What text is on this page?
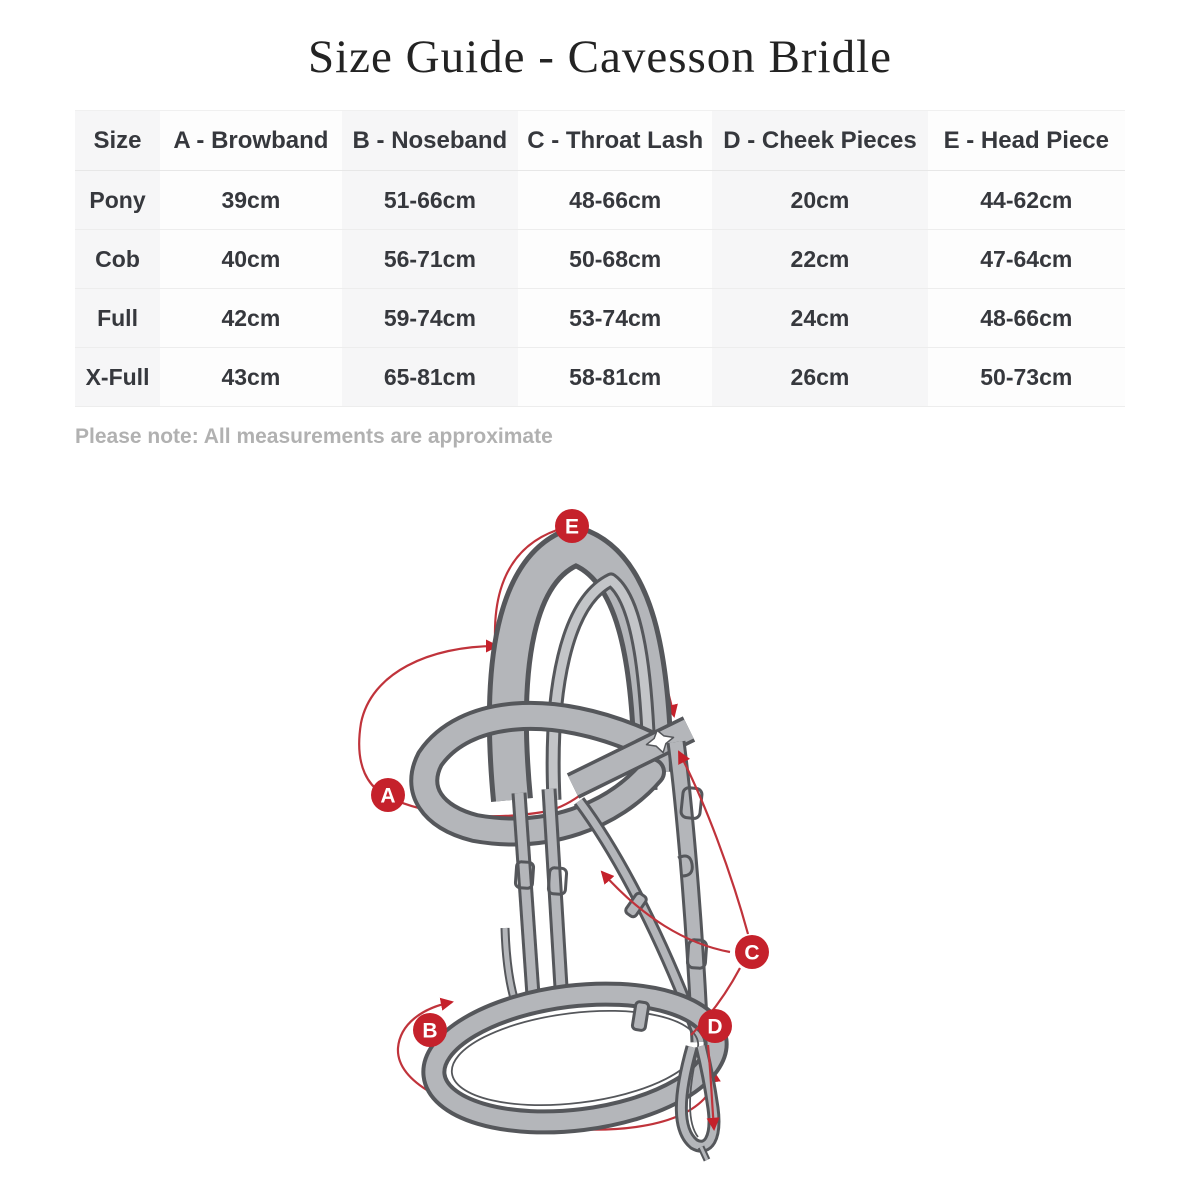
Size Guide - Cavesson Bridle
Size	A - Browband	B - Noseband	C - Throat Lash	D - Cheek Pieces	E - Head Piece
Pony	39cm	51-66cm	48-66cm	20cm	44-62cm
Cob	40cm	56-71cm	50-68cm	22cm	47-64cm
Full	42cm	59-74cm	53-74cm	24cm	48-66cm
X-Full	43cm	65-81cm	58-81cm	26cm	50-73cm

Please note: All measurements are approximate

A
B
C
D
E
